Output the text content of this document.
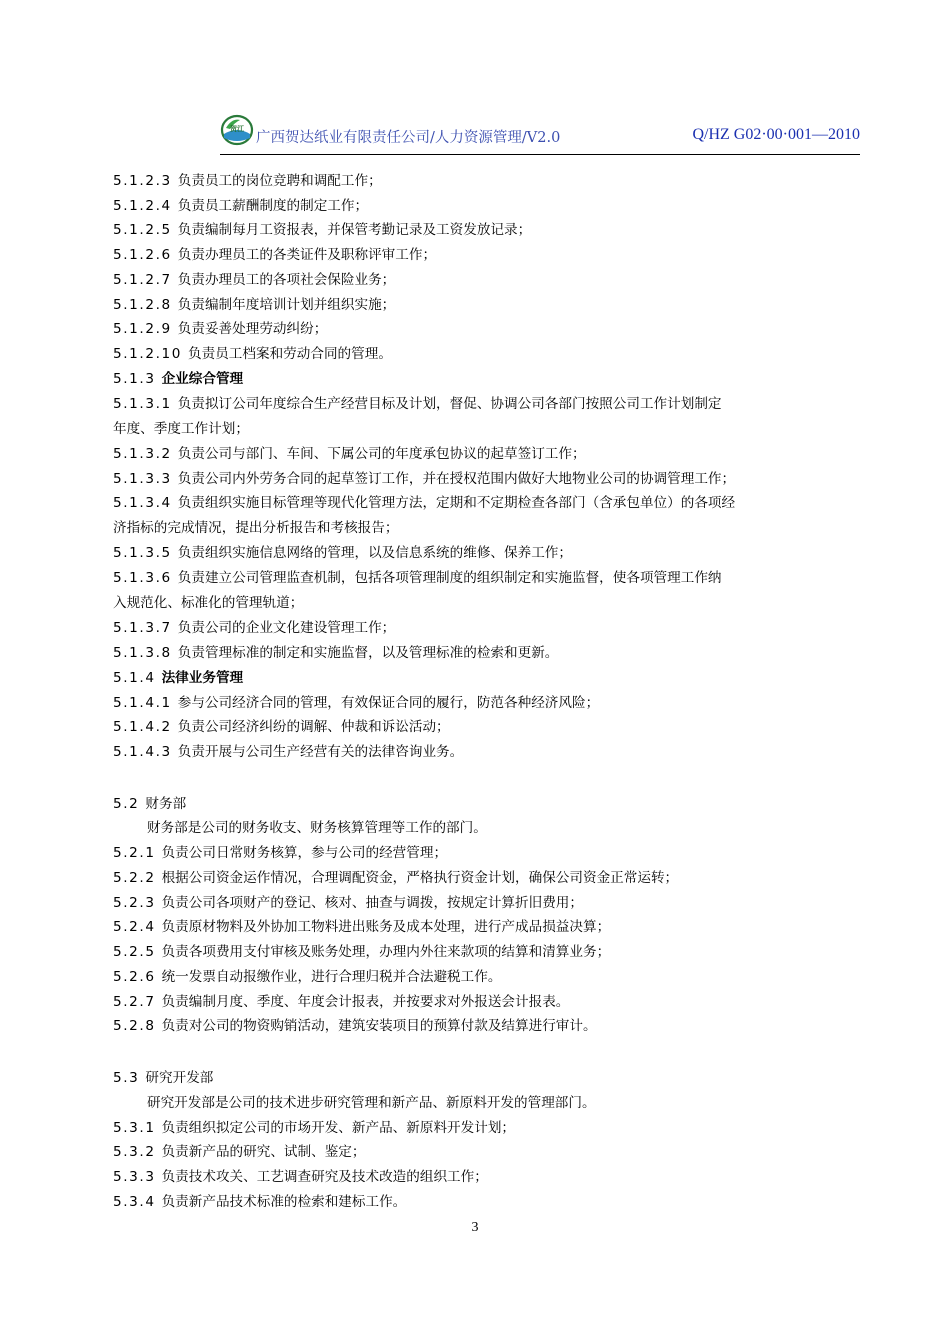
贺江
广西贺达纸业有限责任公司/人力资源管理/V2.0	Q/HZ G02·00·001—2010
5.1.2.3 负责员工的岗位竞聘和调配工作；
5.1.2.4 负责员工薪酬制度的制定工作；
5.1.2.5 负责编制每月工资报表，并保管考勤记录及工资发放记录；
5.1.2.6 负责办理员工的各类证件及职称评审工作；
5.1.2.7 负责办理员工的各项社会保险业务；
5.1.2.8 负责编制年度培训计划并组织实施；
5.1.2.9 负责妥善处理劳动纠纷；
5.1.2.10 负责员工档案和劳动合同的管理。
5.1.3 企业综合管理
5.1.3.1 负责拟订公司年度综合生产经营目标及计划，督促、协调公司各部门按照公司工作计划制定
年度、季度工作计划；
5.1.3.2 负责公司与部门、车间、下属公司的年度承包协议的起草签订工作；
5.1.3.3 负责公司内外劳务合同的起草签订工作，并在授权范围内做好大地物业公司的协调管理工作；
5.1.3.4 负责组织实施目标管理等现代化管理方法，定期和不定期检查各部门（含承包单位）的各项经
济指标的完成情况，提出分析报告和考核报告；
5.1.3.5 负责组织实施信息网络的管理，以及信息系统的维修、保养工作；
5.1.3.6 负责建立公司管理监查机制，包括各项管理制度的组织制定和实施监督，使各项管理工作纳
入规范化、标准化的管理轨道；
5.1.3.7 负责公司的企业文化建设管理工作；
5.1.3.8 负责管理标准的制定和实施监督，以及管理标准的检索和更新。
5.1.4 法律业务管理
5.1.4.1 参与公司经济合同的管理，有效保证合同的履行，防范各种经济风险；
5.1.4.2 负责公司经济纠纷的调解、仲裁和诉讼活动；
5.1.4.3 负责开展与公司生产经营有关的法律咨询业务。
5.2 财务部
财务部是公司的财务收支、财务核算管理等工作的部门。
5.2.1 负责公司日常财务核算，参与公司的经营管理；
5.2.2 根据公司资金运作情况，合理调配资金，严格执行资金计划，确保公司资金正常运转；
5.2.3 负责公司各项财产的登记、核对、抽查与调拨，按规定计算折旧费用；
5.2.4 负责原材物料及外协加工物料进出账务及成本处理，进行产成品损益决算；
5.2.5 负责各项费用支付审核及账务处理，办理内外往来款项的结算和清算业务；
5.2.6 统一发票自动报缴作业，进行合理归税并合法避税工作。
5.2.7 负责编制月度、季度、年度会计报表，并按要求对外报送会计报表。
5.2.8 负责对公司的物资购销活动，建筑安装项目的预算付款及结算进行审计。
5.3 研究开发部
研究开发部是公司的技术进步研究管理和新产品、新原料开发的管理部门。
5.3.1 负责组织拟定公司的市场开发、新产品、新原料开发计划；
5.3.2 负责新产品的研究、试制、鉴定；
5.3.3 负责技术攻关、工艺调查研究及技术改造的组织工作；
5.3.4 负责新产品技术标准的检索和建标工作。
3
